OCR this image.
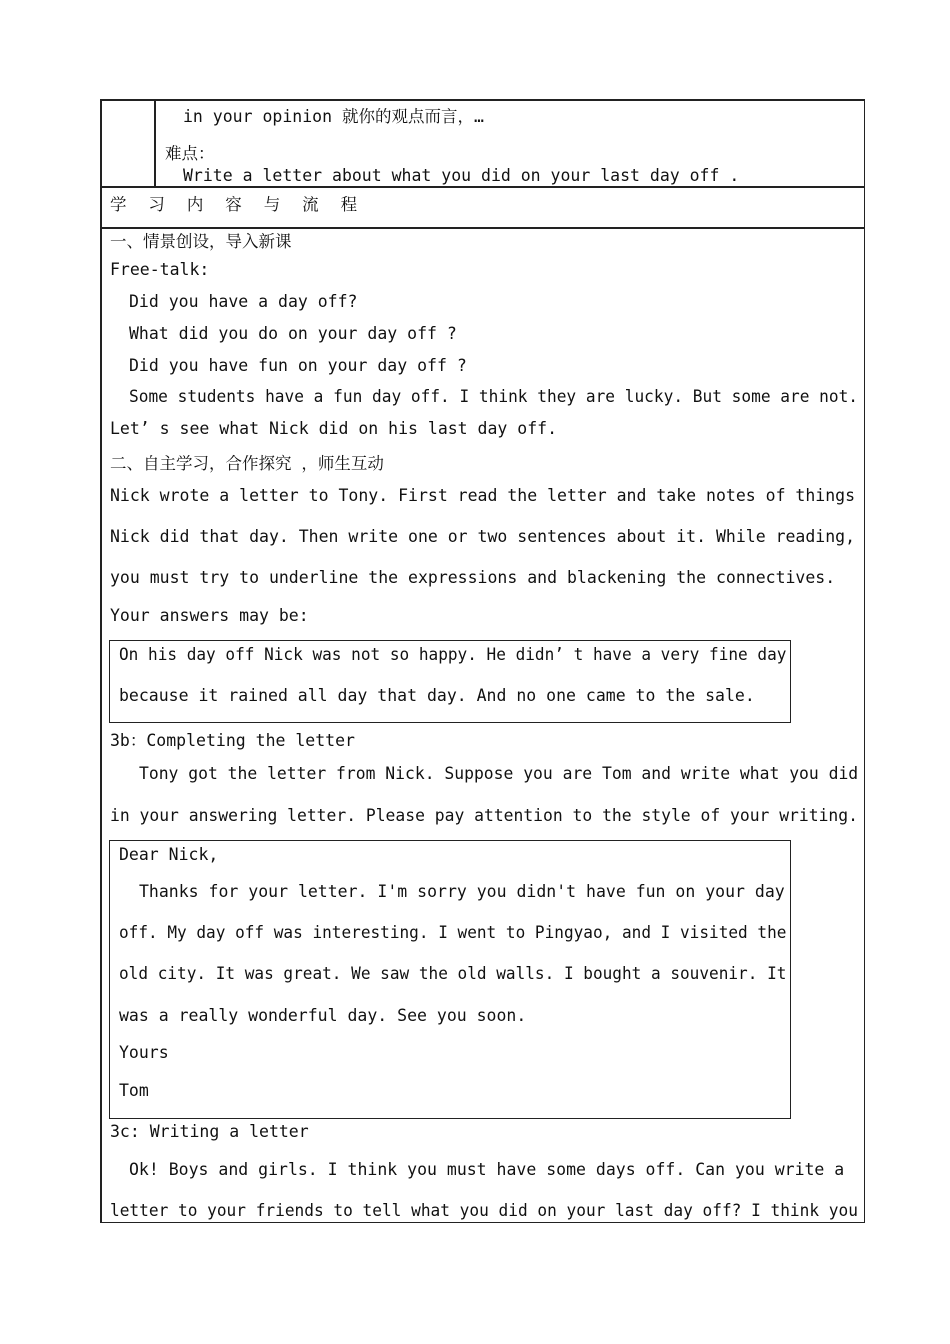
in your opinion 就你的观点而言，…
难点：
Write a letter about what you did on your last day off .
学 习 内 容 与 流 程
一、情景创设，导入新课
Free-talk:
Did you have a day off?
What did you do on your day off ?
Did you have fun on your day off ?
Some students have a fun day off. I think they are lucky. But some are not.
Let’ s see what Nick did on his last day off.
二、自主学习，合作探究 ，师生互动
Nick wrote a letter to Tony. First read the letter and take notes of things
Nick did that day. Then write one or two sentences about it. While reading,
you must try to underline the expressions and blackening the connectives.
Your answers may be:
On his day off Nick was not so happy. He didn’ t have a very fine day
because it rained all day that day. And no one came to the sale.
3b：Completing the letter
Tony got the letter from Nick. Suppose you are Tom and write what you did
in your answering letter. Please pay attention to the style of your writing.
Dear Nick,
Thanks for your letter. I'm sorry you didn't have fun on your day
off. My day off was interesting. I went to Pingyao, and I visited the
old city. It was great. We saw the old walls. I bought a souvenir. It
was a really wonderful day. See you soon.
Yours
Tom
3c: Writing a letter
Ok! Boys and girls. I think you must have some days off. Can you write a
letter to your friends to tell what you did on your last day off? I think you
